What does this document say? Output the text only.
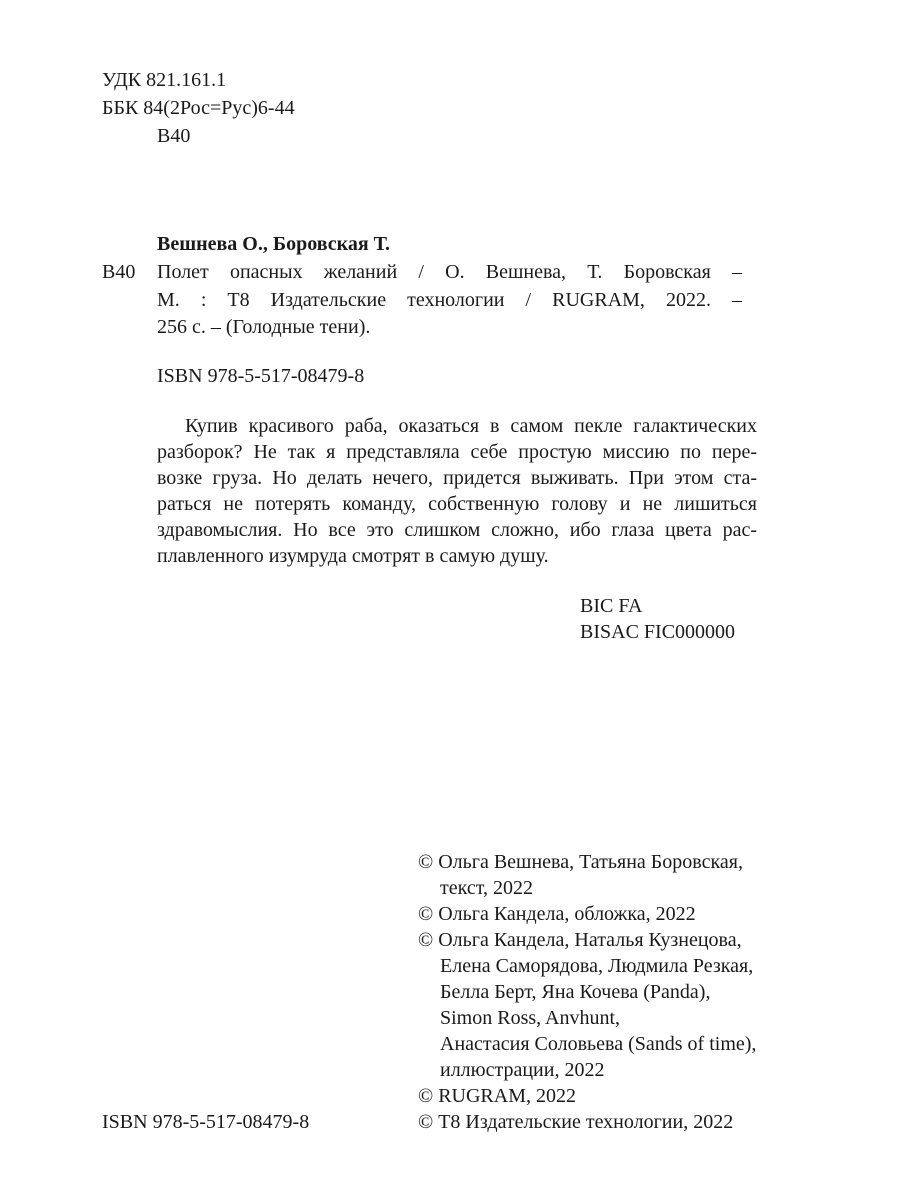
УДК 821.161.1
ББК 84(2Рос=Рус)6-44
В40
Вешнева О., Боровская Т.
В40 Полет опасных желаний / О. Вешнева, Т. Боровская –
М. : Т8 Издательские технологии / RUGRAM, 2022. –
256 с. – (Голодные тени).
ISBN 978-5-517-08479-8
Купив красивого раба, оказаться в самом пекле галактических
разборок? Не так я представляла себе простую миссию по пере-
возке груза. Но делать нечего, придется выживать. При этом ста-
раться не потерять команду, собственную голову и не лишиться
здравомыслия. Но все это слишком сложно, ибо глаза цвета рас-
плавленного изумруда смотрят в самую душу.
BIC FA
BISAC FIC000000
© Ольга Вешнева, Татьяна Боровская,
текст, 2022
© Ольга Кандела, обложка, 2022
© Ольга Кандела, Наталья Кузнецова,
Елена Саморядова, Людмила Резкая,
Белла Берт, Яна Кочева (Panda),
Simon Ross, Anvhunt,
Анастасия Соловьева (Sands of time),
иллюстрации, 2022
© RUGRAM, 2022
© Т8 Издательские технологии, 2022
ISBN 978-5-517-08479-8
